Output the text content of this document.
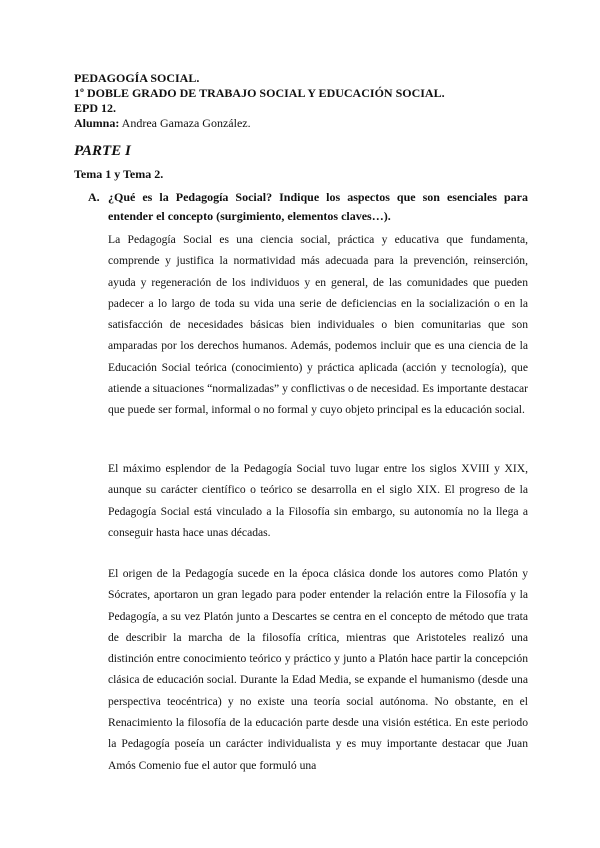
PEDAGOGÍA SOCIAL.
1º DOBLE GRADO DE TRABAJO SOCIAL Y EDUCACIÓN SOCIAL.
EPD 12.
Alumna: Andrea Gamaza González.
PARTE I
Tema 1 y Tema 2.
A. ¿Qué es la Pedagogía Social? Indique los aspectos que son esenciales para entender el concepto (surgimiento, elementos claves…).

La Pedagogía Social es una ciencia social, práctica y educativa que fundamenta, comprende y justifica la normatividad más adecuada para la prevención, reinserción, ayuda y regeneración de los individuos y en general, de las comunidades que pueden padecer a lo largo de toda su vida una serie de deficiencias en la socialización o en la satisfacción de necesidades básicas bien individuales o bien comunitarias que son amparadas por los derechos humanos. Además, podemos incluir que es una ciencia de la Educación Social teórica (conocimiento) y práctica aplicada (acción y tecnología), que atiende a situaciones “normalizadas” y conflictivas o de necesidad. Es importante destacar que puede ser formal, informal o no formal y cuyo objeto principal es la educación social.

El máximo esplendor de la Pedagogía Social tuvo lugar entre los siglos XVIII y XIX, aunque su carácter científico o teórico se desarrolla en el siglo XIX. El progreso de la Pedagogía Social está vinculado a la Filosofía sin embargo, su autonomía no la llega a conseguir hasta hace unas décadas.

El origen de la Pedagogía sucede en la época clásica donde los autores como Platón y Sócrates, aportaron un gran legado para poder entender la relación entre la Filosofía y la Pedagogía, a su vez Platón junto a Descartes se centra en el concepto de método que trata de describir la marcha de la filosofía crítica, mientras que Aristoteles realizó una distinción entre conocimiento teórico y práctico y junto a Platón hace partir la concepción clásica de educación social. Durante la Edad Media, se expande el humanismo (desde una perspectiva teocéntrica) y no existe una teoría social autónoma. No obstante, en el Renacimiento la filosofía de la educación parte desde una visión estética. En este periodo la Pedagogía poseía un carácter individualista y es muy importante destacar que Juan Amós Comenio fue el autor que formuló una
